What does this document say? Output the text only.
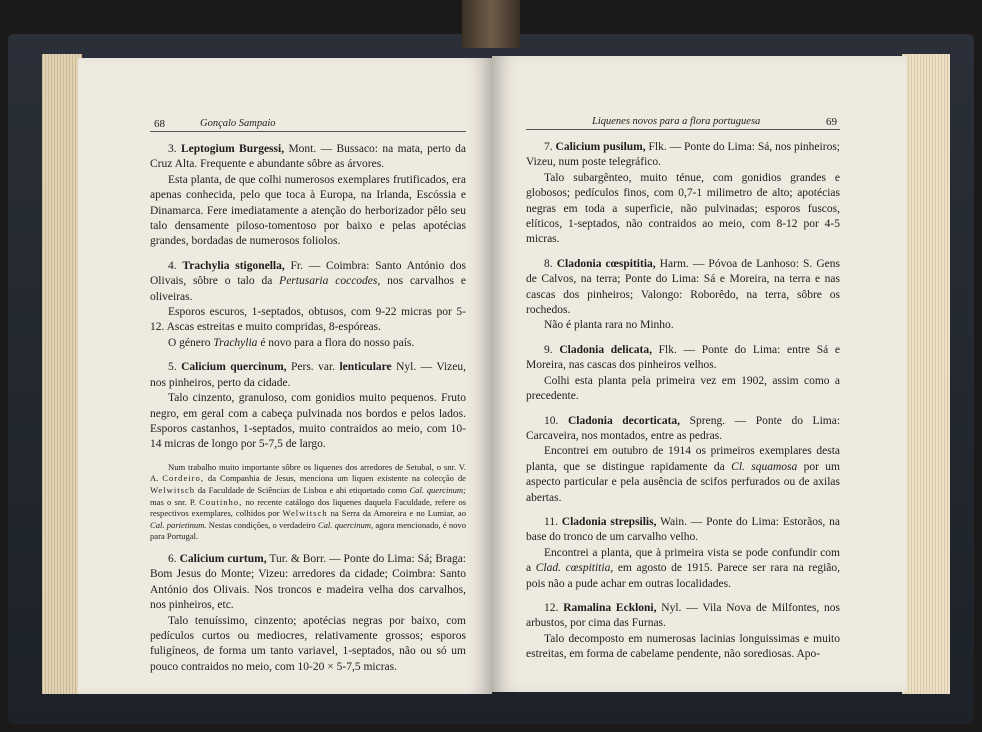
68	Gonçalo Sampaio

3. Leptogium Burgessi, Mont. — Bussaco: na mata, perto da Cruz Alta. Frequente e abundante sôbre as árvores.

Esta planta, de que colhi numerosos exemplares frutificados, era apenas conhecida, pelo que toca à Europa, na Irlanda, Escóssia e Dinamarca. Fere imediatamente a atenção do herborizador pêlo seu talo densamente piloso-tomentoso por baixo e pelas apotécias grandes, bordadas de numerosos foliolos.

4. Trachylia stigonella, Fr. — Coimbra: Santo António dos Olivais, sôbre o talo da Pertusaria coccodes, nos carvalhos e oliveiras.

Esporos escuros, 1-septados, obtusos, com 9-22 micras por 5-12. Ascas estreitas e muito compridas, 8-espóreas.

O género Trachylia é novo para a flora do nosso país.

5. Calicium quercinum, Pers. var. lenticulare Nyl. — Vizeu, nos pinheiros, perto da cidade.

Talo cinzento, granuloso, com gonidios muito pequenos. Fruto negro, em geral com a cabeça pulvinada nos bordos e pelos lados. Esporos castanhos, 1-septados, muito contraidos ao meio, com 10-14 micras de longo por 5-7,5 de largo.

Num trabalho muito importante sôbre os liquenes dos arredores de Setubal, o snr. V. A. Cordeiro, da Companhia de Jesus, menciona um liquen existente na colecção de Welwitsch da Faculdade de Sciências de Lisboa e ahi etiquetado como Cal. quercinum; mas o snr. P. Coutinho, no recente catálogo dos liquenes daquela Faculdade, refere os respectivos exemplares, colhidos por Welwitsch na Serra da Amoreira e no Lumiar, ao Cal. parietinum. Nestas condições, o verdadeiro Cal. quercinum, agora mencionado, é novo para Portugal.

6. Calicium curtum, Tur. & Borr. — Ponte do Lima: Sá; Braga: Bom Jesus do Monte; Vizeu: arredores da cidade; Coimbra: Santo António dos Olivais. Nos troncos e madeira velha dos carvalhos, nos pinheiros, etc.

Talo tenuíssimo, cinzento; apotécias negras por baixo, com pedículos curtos ou mediocres, relativamente grossos; esporos fuligíneos, de forma um tanto variavel, 1-septados, não ou só um pouco contraidos no meio, com 10-20 × 5-7,5 micras.

Liquenes novos para a flora portuguesa	69

7. Calicium pusilum, Flk. — Ponte do Lima: Sá, nos pinheiros; Vizeu, num poste telegráfico.

Talo subargênteo, muito ténue, com gonidios grandes e globosos; pedículos finos, com 0,7-1 milimetro de alto; apotécias negras em toda a superficie, não pulvinadas; esporos fuscos, elíticos, 1-septados, não contraidos ao meio, com 8-12 por 4-5 micras.

8. Cladonia cœspititia, Harm. — Póvoa de Lanhoso: S. Gens de Calvos, na terra; Ponte do Lima: Sá e Moreira, na terra e nas cascas dos pinheiros; Valongo: Roborêdo, na terra, sôbre os rochedos.

Não é planta rara no Minho.

9. Cladonia delicata, Flk. — Ponte do Lima: entre Sá e Moreira, nas cascas dos pinheiros velhos.

Colhi esta planta pela primeira vez em 1902, assim como a precedente.

10. Cladonia decorticata, Spreng. — Ponte do Lima: Carcaveira, nos montados, entre as pedras.

Encontrei em outubro de 1914 os primeiros exemplares desta planta, que se distingue rapidamente da Cl. squamosa por um aspecto particular e pela ausência de scifos perfurados ou de axilas abertas.

11. Cladonia strepsilis, Wain. — Ponte do Lima: Estorãos, na base do tronco de um carvalho velho.

Encontrei a planta, que à primeira vista se pode confundir com a Clad. cœspititia, em agosto de 1915. Parece ser rara na região, pois não a pude achar em outras localidades.

12. Ramalina Eckloni, Nyl. — Vila Nova de Milfontes, nos arbustos, por cima das Furnas.

Talo decomposto em numerosas lacinias longuissimas e muito estreitas, em forma de cabelame pendente, não sorediosas. Apo-
